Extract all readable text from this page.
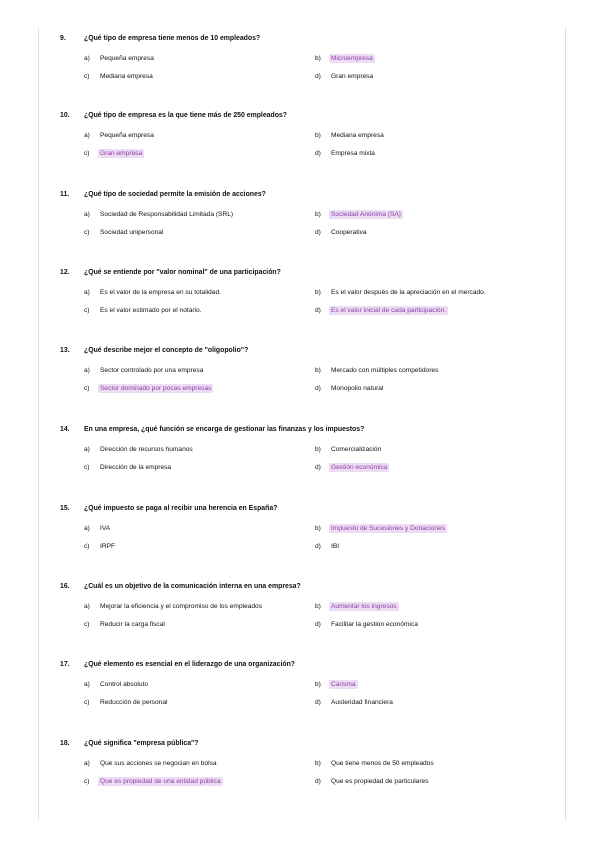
9.	¿Qué tipo de empresa tiene menos de 10 empleados?
a) Pequeña empresa	b) Microempresa
c) Mediana empresa	d) Gran empresa
10. ¿Qué tipo de empresa es la que tiene más de 250 empleados?
a) Pequeña empresa	b) Mediana empresa
c) Gran empresa	d) Empresa mixta
11. ¿Qué tipo de sociedad permite la emisión de acciones?
a) Sociedad de Responsabilidad Limitada (SRL)	b) Sociedad Anónima (SA)
c) Sociedad unipersonal	d) Cooperativa
12. ¿Qué se entiende por "valor nominal" de una participación?
a) Es el valor de la empresa en su totalidad.	b) Es el valor después de la apreciación en el mercado.
c) Es el valor estimado por el notario.	d) Es el valor inicial de cada participación.
13. ¿Qué describe mejor el concepto de "oligopolio"?
a) Sector controlado por una empresa	b) Mercado con múltiples competidores
c) Sector dominado por pocas empresas	d) Monopolio natural
14. En una empresa, ¿qué función se encarga de gestionar las finanzas y los impuestos?
a) Dirección de recursos humanos	b) Comercialización
c) Dirección de la empresa	d) Gestión económica
15. ¿Qué impuesto se paga al recibir una herencia en España?
a) IVA	b) Impuesto de Sucesiones y Donaciones
c) IRPF	d) IBI
16. ¿Cuál es un objetivo de la comunicación interna en una empresa?
a) Mejorar la eficiencia y el compromiso de los empleados	b) Aumentar los ingresos
c) Reducir la carga fiscal	d) Facilitar la gestión económica
17. ¿Qué elemento es esencial en el liderazgo de una organización?
a) Control absoluto	b) Carisma
c) Reducción de personal	d) Austeridad financiera
18. ¿Qué significa "empresa pública"?
a) Que sus acciones se negocian en bolsa	b) Que tiene menos de 50 empleados
c) Que es propiedad de una entidad pública	d) Que es propiedad de particulares
